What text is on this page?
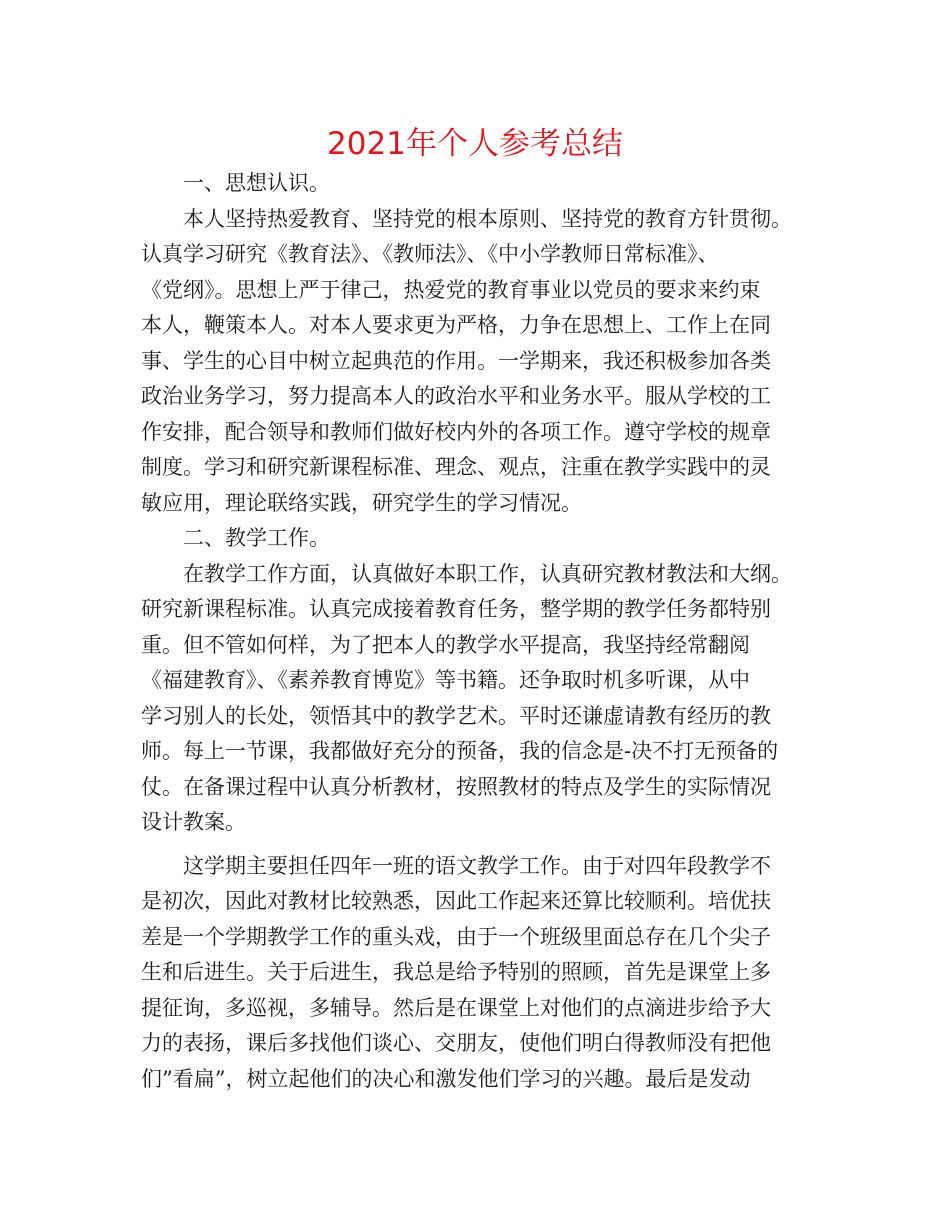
2021年个人参考总结
一、思想认识。
本人坚持热爱教育、坚持党的根本原则、坚持党的教育方针贯彻。
认真学习研究《教育法》、《教师法》、《中小学教师日常标准》、
《党纲》。思想上严于律己，热爱党的教育事业以党员的要求来约束
本人，鞭策本人。对本人要求更为严格，力争在思想上、工作上在同
事、学生的心目中树立起典范的作用。一学期来，我还积极参加各类
政治业务学习，努力提高本人的政治水平和业务水平。服从学校的工
作安排，配合领导和教师们做好校内外的各项工作。遵守学校的规章
制度。学习和研究新课程标准、理念、观点，注重在教学实践中的灵
敏应用，理论联络实践，研究学生的学习情况。
二、教学工作。
在教学工作方面，认真做好本职工作，认真研究教材教法和大纲。
研究新课程标准。认真完成接着教育任务，整学期的教学任务都特别
重。但不管如何样，为了把本人的教学水平提高，我坚持经常翻阅
《福建教育》、《素养教育博览》等书籍。还争取时机多听课，从中
学习别人的长处，领悟其中的教学艺术。平时还谦虚请教有经历的教
师。每上一节课，我都做好充分的预备，我的信念是-决不打无预备的
仗。在备课过程中认真分析教材，按照教材的特点及学生的实际情况
设计教案。
这学期主要担任四年一班的语文教学工作。由于对四年段教学不
是初次，因此对教材比较熟悉，因此工作起来还算比较顺利。培优扶
差是一个学期教学工作的重头戏，由于一个班级里面总存在几个尖子
生和后进生。关于后进生，我总是给予特别的照顾，首先是课堂上多
提征询，多巡视，多辅导。然后是在课堂上对他们的点滴进步给予大
力的表扬，课后多找他们谈心、交朋友，使他们明白得教师没有把他
们”看扁”，树立起他们的决心和激发他们学习的兴趣。最后是发动
